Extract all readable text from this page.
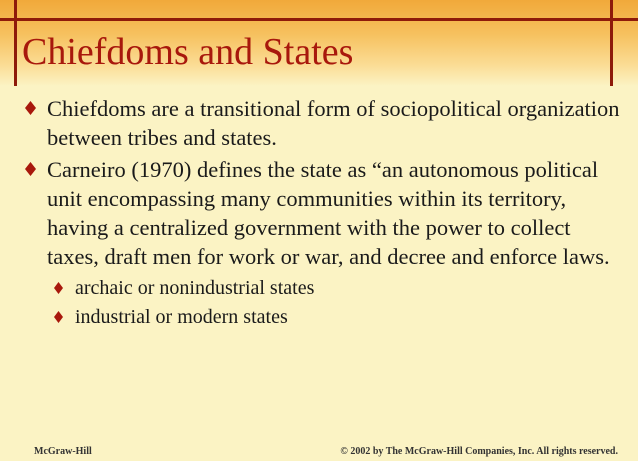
Chiefdoms and States
Chiefdoms are a transitional form of sociopolitical organization between tribes and states.
Carneiro (1970) defines the state as “an autonomous political unit encompassing many communities within its territory, having a centralized government with the power to collect taxes, draft men for work or war, and decree and enforce laws.
archaic or nonindustrial states
industrial or modern states
McGraw-Hill	© 2002 by The McGraw-Hill Companies, Inc. All rights reserved.
